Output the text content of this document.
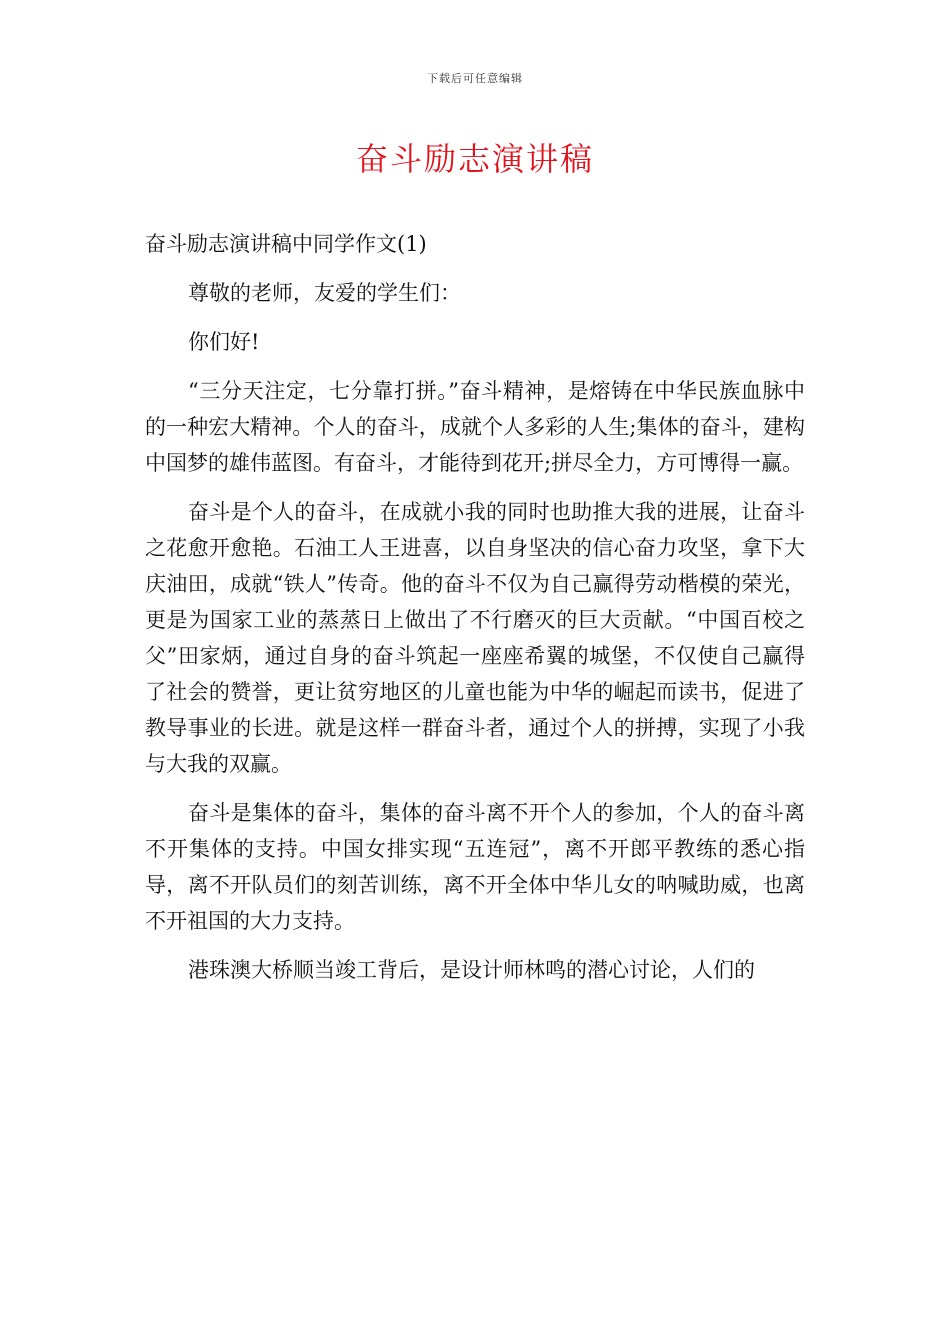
下载后可任意编辑
奋斗励志演讲稿

奋斗励志演讲稿中同学作文(1)

尊敬的老师，友爱的学生们：

你们好!

“三分天注定，七分靠打拼。”奋斗精神，是熔铸在中华民族血脉中的一种宏大精神。个人的奋斗，成就个人多彩的人生;集体的奋斗，建构中国梦的雄伟蓝图。有奋斗，才能待到花开;拼尽全力，方可博得一赢。

奋斗是个人的奋斗，在成就小我的同时也助推大我的进展，让奋斗之花愈开愈艳。石油工人王进喜，以自身坚决的信心奋力攻坚，拿下大庆油田，成就“铁人”传奇。他的奋斗不仅为自己赢得劳动楷模的荣光，更是为国家工业的蒸蒸日上做出了不行磨灭的巨大贡献。“中国百校之父”田家炳，通过自身的奋斗筑起一座座希翼的城堡，不仅使自己赢得了社会的赞誉，更让贫穷地区的儿童也能为中华的崛起而读书，促进了教导事业的长进。就是这样一群奋斗者，通过个人的拼搏，实现了小我与大我的双赢。

奋斗是集体的奋斗，集体的奋斗离不开个人的参加，个人的奋斗离不开集体的支持。中国女排实现“五连冠”，离不开郎平教练的悉心指导，离不开队员们的刻苦训练，离不开全体中华儿女的呐喊助威，也离不开祖国的大力支持。

港珠澳大桥顺当竣工背后，是设计师林鸣的潜心讨论，人们的
